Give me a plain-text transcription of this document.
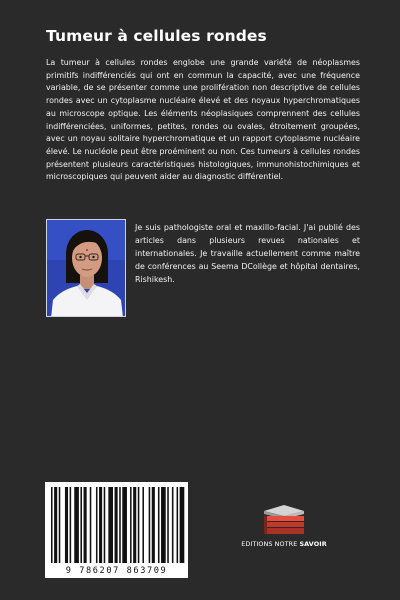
Tumeur à cellules rondes

La tumeur à cellules rondes englobe une grande variété de néoplasmes primitifs indifférenciés qui ont en commun la capacité, avec une fréquence variable, de se présenter comme une prolifération non descriptive de cellules rondes avec un cytoplasme nucléaire élevé et des noyaux hyperchromatiques au microscope optique. Les éléments néoplasiques comprennent des cellules indifférenciées, uniformes, petites, rondes ou ovales, étroitement groupées, avec un noyau solitaire hyperchromatique et un rapport cytoplasme nucléaire élevé. Le nucléole peut être proéminent ou non. Ces tumeurs à cellules rondes présentent plusieurs caractéristiques histologiques, immunohistochimiques et microscopiques qui peuvent aider au diagnostic différentiel.

Je suis pathologiste oral et maxillo-facial. J'ai publié des articles dans plusieurs revues nationales et internationales. Je travaille actuellement comme maître de conférences au Seema DCollège et hôpital dentaires, Rishikesh.

9 786207 863709
EDITIONS NOTRE SAVOIR
